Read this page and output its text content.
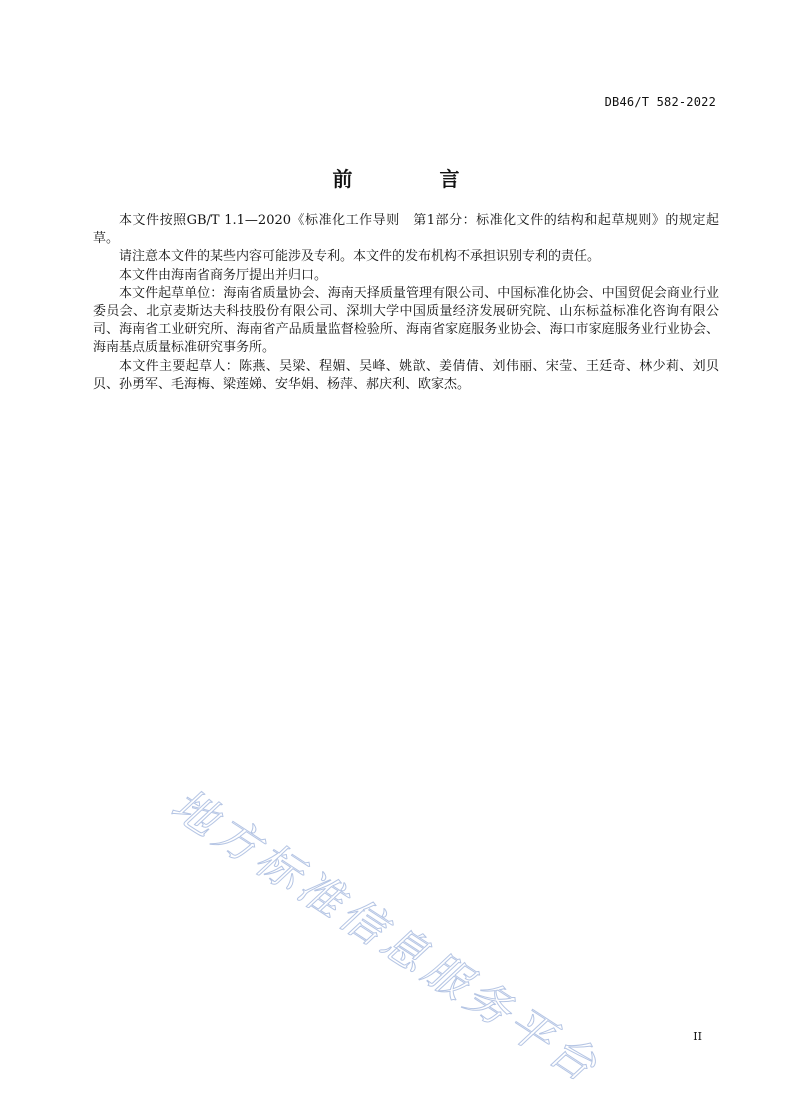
DB46/T 582-2022
前 言

本文件按照GB/T 1.1—2020《标准化工作导则　第1部分：标准化文件的结构和起草规则》的规定起草。

请注意本文件的某些内容可能涉及专利。本文件的发布机构不承担识别专利的责任。

本文件由海南省商务厅提出并归口。

本文件起草单位：海南省质量协会、海南天择质量管理有限公司、中国标准化协会、中国贸促会商业行业委员会、北京麦斯达夫科技股份有限公司、深圳大学中国质量经济发展研究院、山东标益标准化咨询有限公司、海南省工业研究所、海南省产品质量监督检验所、海南省家庭服务业协会、海口市家庭服务业行业协会、海南基点质量标准研究事务所。

本文件主要起草人：陈燕、吴梁、程媚、吴峰、姚歆、姜倩倩、刘伟丽、宋莹、王廷奇、林少莉、刘贝贝、孙勇军、毛海梅、梁莲娣、安华娟、杨萍、郝庆利、欧家杰。

地方标准信息服务平台	II
